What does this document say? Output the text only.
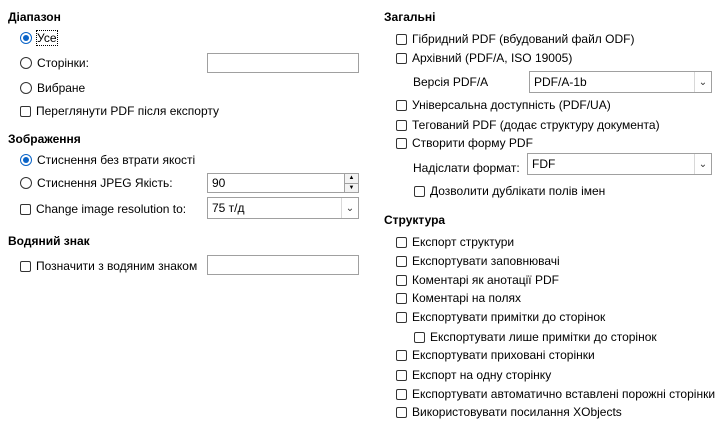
Діапазон
Усе
Сторінки:
Вибране
Переглянути PDF після експорту
Зображення
Стиснення без втрати якості
Стиснення JPEG Якість:	90	▲
▼
Change image resolution to:	75 т/д	⌄
Водяний знак
Позначити з водяним знаком
Загальні
Гібридний PDF (вбудований файл ODF)
Архівний (PDF/A, ISO 19005)
Версія PDF/A	PDF/A-1b	⌄
Універсальна доступність (PDF/UA)
Тегований PDF (додає структуру документа)
Створити форму PDF
Надіслати формат:	FDF	⌄
Дозволити дублікати полів імен
Структура
Експорт структури
Експортувати заповнювачі
Коментарі як анотації PDF
Коментарі на полях
Експортувати примітки до сторінок
Експортувати лише примітки до сторінок
Експортувати приховані сторінки
Експорт на одну сторінку
Експортувати автоматично вставлені порожні сторінки
Використовувати посилання XObjects
